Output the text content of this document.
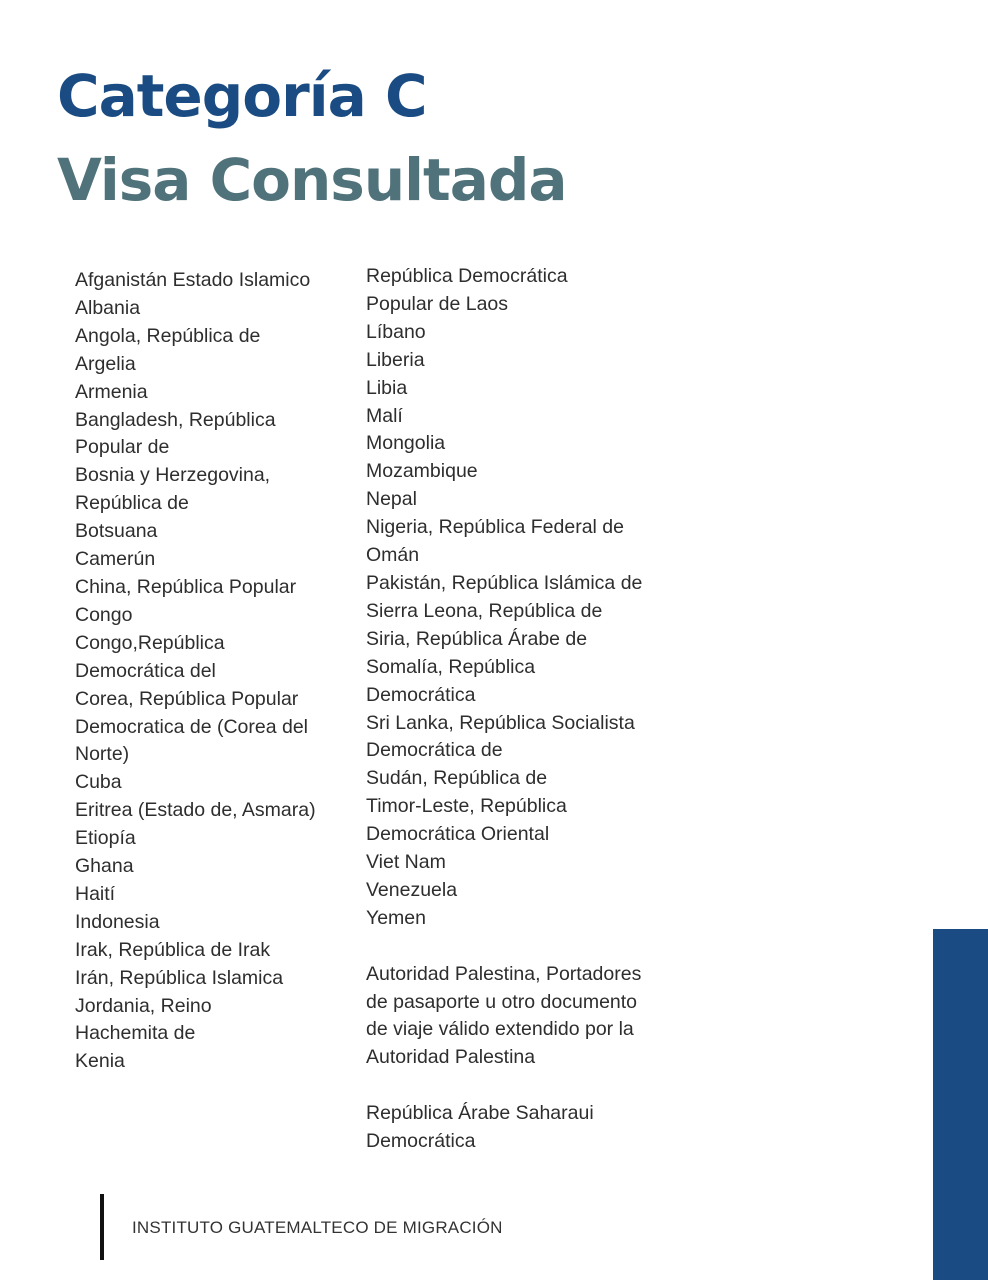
Categoría C
Visa Consultada
Afganistán Estado Islamico
Albania
Angola, República de
Argelia
Armenia
Bangladesh, República
Popular de
Bosnia y Herzegovina,
República de
Botsuana
Camerún
China, República Popular
Congo
Congo,República
Democrática del
Corea, República Popular
Democratica de (Corea del
Norte)
Cuba
Eritrea (Estado de, Asmara)
Etiopía
Ghana
Haití
Indonesia
Irak, República de Irak
Irán, República Islamica
Jordania, Reino
Hachemita de
Kenia
República Democrática
Popular de Laos
Líbano
Liberia
Libia
Malí
Mongolia
Mozambique
Nepal
Nigeria, República Federal de
Omán
Pakistán, República Islámica de
Sierra Leona, República de
Siria, República Árabe de
Somalía, República
Democrática
Sri Lanka, República Socialista
Democrática de
Sudán, República de
Timor-Leste, República
Democrática Oriental
Viet Nam
Venezuela
Yemen
Autoridad Palestina, Portadores
de pasaporte u otro documento
de viaje válido extendido por la
Autoridad Palestina
República Árabe Saharaui
Democrática

INSTITUTO GUATEMALTECO DE MIGRACIÓN
